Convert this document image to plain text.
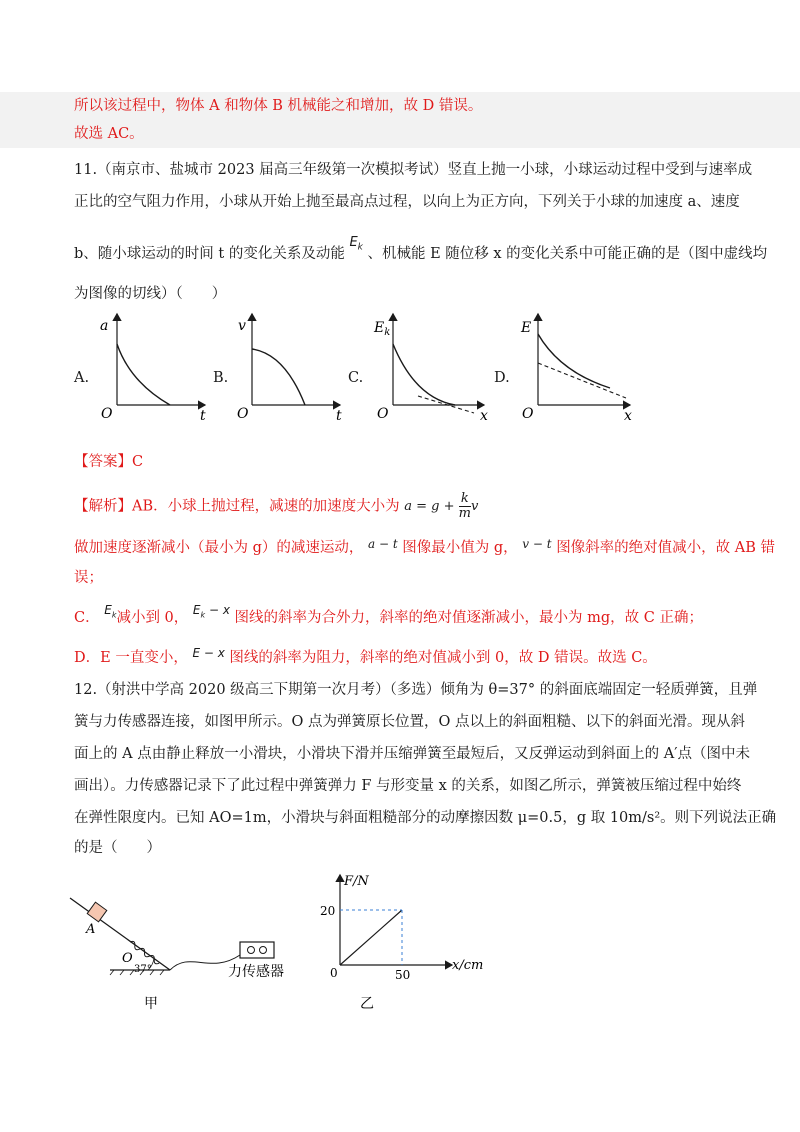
所以该过程中，物体 A 和物体 B 机械能之和增加，故 D 错误。
故选 AC。
11.（南京市、盐城市 2023 届高三年级第一次模拟考试）竖直上抛一小球，小球运动过程中受到与速率成
正比的空气阻力作用，小球从开始上抛至最高点过程，以向上为正方向，下列关于小球的加速度 a、速度
b、随小球运动的时间 t 的变化关系及动能 $E_k$ 、机械能 E 随位移 x 的变化关系中可能正确的是（图中虚线均
为图像的切线）（　　）
A.	B.	C.	D.
a
O	t
v
O	t
$E_k$
O	x
E
O	x
【答案】C
【解析】AB．小球上抛过程，减速的加速度大小为 $a = g + \frac{k}{m}$ v
做加速度逐渐减小（最小为 g）的减速运动， $^{a - t}$ 图像最小值为 g， $^{v - t}$ 图像斜率的绝对值减小，故 AB 错
误；
C． $^{E_k}$减小到 0， $^{E_k - x}$ 图线的斜率为合外力，斜率的绝对值逐渐减小，最小为 mg，故 C 正确；
D．E 一直变小， $^{E - x}$ 图线的斜率为阻力，斜率的绝对值减小到 0，故 D 错误。故选 C。
12.（射洪中学高 2020 级高三下期第一次月考）（多选）倾角为 θ=37° 的斜面底端固定一轻质弹簧，且弹
簧与力传感器连接，如图甲所示。O 点为弹簧原长位置，O 点以上的斜面粗糙、以下的斜面光滑。现从斜
面上的 A 点由静止释放一小滑块，小滑块下滑并压缩弹簧至最短后，又反弹运动到斜面上的 A′点（图中未
画出）。力传感器记录下了此过程中弹簧弹力 F 与形变量 x 的关系，如图乙所示，弹簧被压缩过程中始终
在弹性限度内。已知 AO=1m，小滑块与斜面粗糙部分的动摩擦因数 μ=0.5，g 取 10m/s²。则下列说法正确
的是（　　）
A
O
37°	力传感器
甲
F/N
x/cm
0
20
50
乙
